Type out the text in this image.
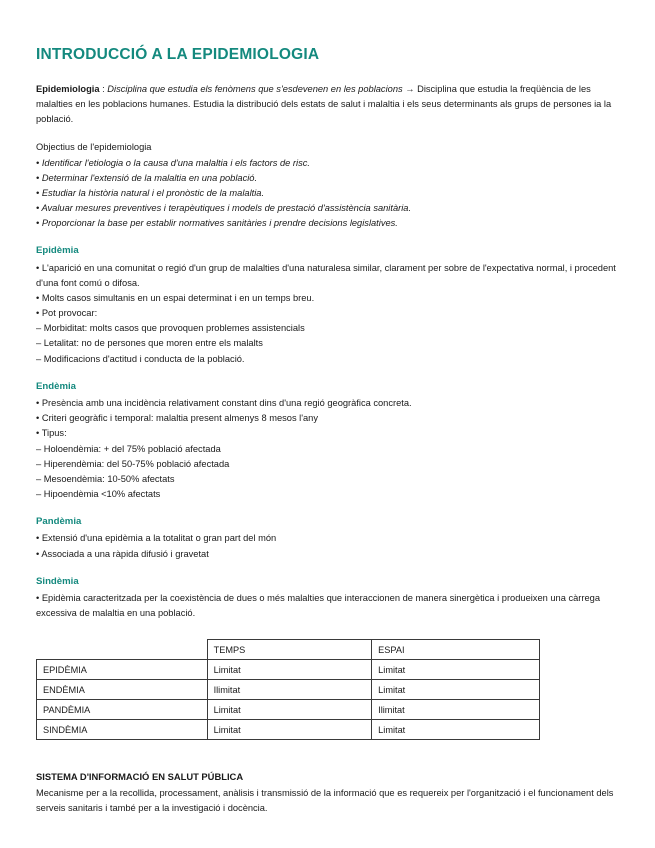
INTRODUCCIÓ A LA EPIDEMIOLOGIA

Epidemiologia : Disciplina que estudia els fenòmens que s'esdevenen en les poblacions → Disciplina que estudia la freqüència de les malalties en les poblacions humanes. Estudia la distribució dels estats de salut i malaltia i els seus determinants als grups de persones ia la població.

Objectius de l'epidemiologia

• Identificar l'etiologia o la causa d'una malaltia i els factors de risc.
• Determinar l'extensió de la malaltia en una població.
• Estudiar la història natural i el pronòstic de la malaltia.
• Avaluar mesures preventives i terapèutiques i models de prestació d'assistència sanitària.
• Proporcionar la base per establir normatives sanitàries i prendre decisions legislatives.
Epidèmia
• L'aparició en una comunitat o regió d'un grup de malalties d'una naturalesa similar, clarament per sobre de l'expectativa normal, i procedent d'una font comú o difosa.
• Molts casos simultanis en un espai determinat i en un temps breu.
• Pot provocar:
– Morbiditat: molts casos que provoquen problemes assistencials
– Letalitat: no de persones que moren entre els malalts
– Modificacions d'actitud i conducta de la població.
Endèmia
• Presència amb una incidència relativament constant dins d'una regió geogràfica concreta.
• Criteri geogràfic i temporal: malaltia present almenys 8 mesos l'any
• Tipus:
– Holoendèmia: + del 75% població afectada
– Hiperendèmia: del 50-75% població afectada
– Mesoendèmia: 10-50% afectats
– Hipoendèmia <10% afectats
Pandèmia
• Extensió d'una epidèmia a la totalitat o gran part del món
• Associada a una ràpida difusió i gravetat
Sindèmia
• Epidèmia caracteritzada per la coexistència de dues o més malalties que interaccionen de manera sinergètica i produeixen una càrrega excessiva de malaltia en una població.
	TEMPS	ESPAI
EPIDÈMIA	Limitat	Limitat
ENDÈMIA	Ilimitat	Limitat
PANDÈMIA	Limitat	Ilimitat
SINDÈMIA	Limitat	Limitat

SISTEMA D'INFORMACIÓ EN SALUT PÚBLICA

Mecanisme per a la recollida, processament, anàlisis i transmissió de la informació que es requereix per l'organització i el funcionament dels serveis sanitaris i també per a la investigació i docència.
